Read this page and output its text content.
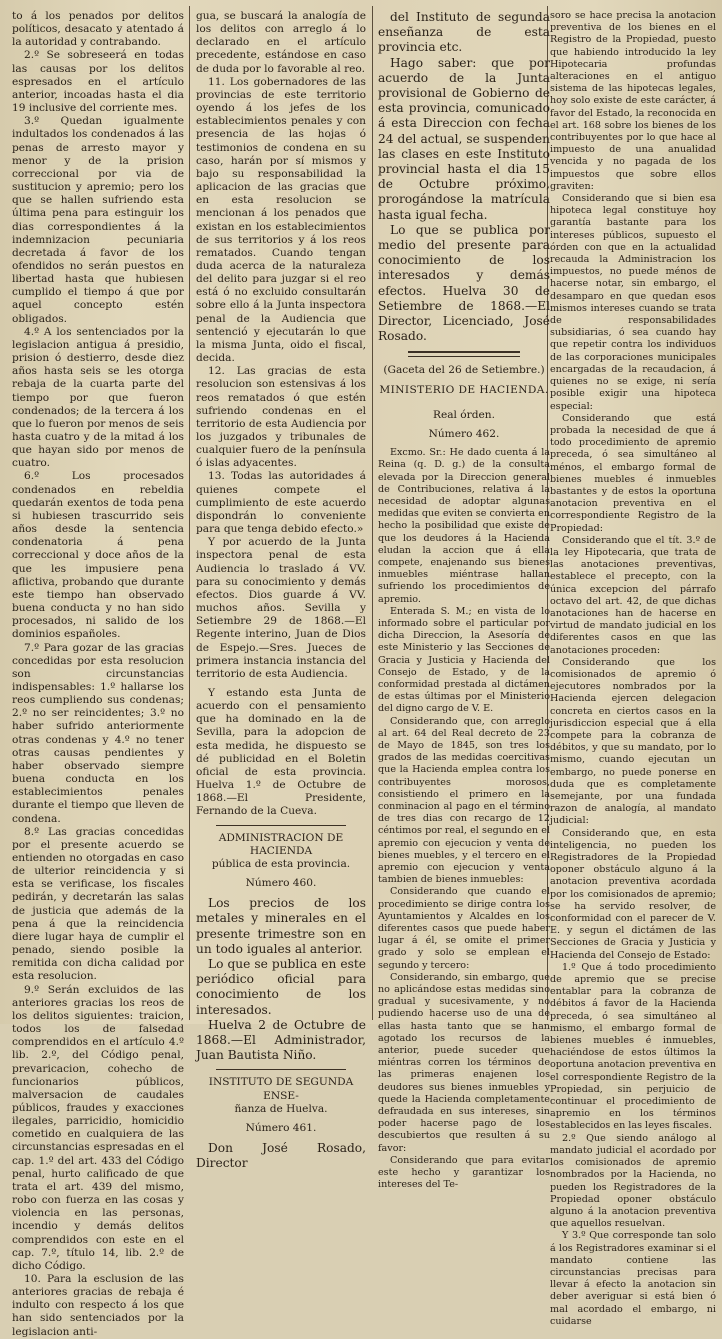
to á los penados por delitos políticos, desacato y atentado á la autoridad y contrabando.

2.º Se sobreseerá en todas las causas por los delitos espresados en el artículo anterior, incoadas hasta el dia 19 inclusive del corriente mes.

3.º Quedan igualmente indultados los condenados á las penas de arresto mayor y menor y de la prision correccional por via de sustitucion y apremio; pero los que se hallen sufriendo esta última pena para estinguir los dias correspondientes á la indemnizacion pecuniaria decretada á favor de los ofendidos no serán puestos en libertad hasta que hubiesen cumplido el tiempo á que por aquel concepto estén obligados.

4.º A los sentenciados por la legislacion antigua á presidio, prision ó destierro, desde diez años hasta seis se les otorga rebaja de la cuarta parte del tiempo por que fueron condenados; de la tercera á los que lo fueron por menos de seis hasta cuatro y de la mitad á los que hayan sido por menos de cuatro.

6.º Los procesados condenados en rebeldia quedarán exentos de toda pena si hubiesen trascurrido seis años desde la sentencia condenatoria á pena correccional y doce años de la que les impusiere pena aflictiva, probando que durante este tiempo han observado buena conducta y no han sido procesados, ni salido de los dominios españoles.

7.º Para gozar de las gracias concedidas por esta resolucion son circunstancias indispensables: 1.º hallarse los reos cumpliendo sus condenas; 2.º no ser reincidentes; 3.º no haber sufrido anteriormente otras condenas y 4.º no tener otras causas pendientes y haber observado siempre buena conducta en los establecimientos penales durante el tiempo que lleven de condena.

8.º Las gracias concedidas por el presente acuerdo se entienden no otorgadas en caso de ulterior reincidencia y si esta se verificase, los fiscales pedirán, y decretarán las salas de justicia que además de la pena á que la reincidencia diere lugar haya de cumplir el penado, siendo posible la remitida con dicha calidad por esta resolucion.

9.º Serán excluidos de las anteriores gracias los reos de los delitos siguientes: traicion, todos los de falsedad comprendidos en el artículo 4.º lib. 2.º, del Código penal, prevaricacion, cohecho de funcionarios públicos, malversacion de caudales públicos, fraudes y exacciones ilegales, parricidio, homicidio cometido en cualquiera de las circunstancias espresadas en el cap. 1.º del art. 433 del Código penal, hurto calificado de que trata el art. 439 del mismo, robo con fuerza en las cosas y violencia en las personas, incendio y demás delitos comprendidos con este en el cap. 7.º, título 14, lib. 2.º de dicho Código.

10. Para la esclusion de las anteriores gracias de rebaja é indulto con respecto á los que han sido sentenciados por la legislacion anti-

gua, se buscará la analogía de los delitos con arreglo á lo declarado en el artículo precedente, estándose en caso de duda por lo favorable al reo.

11. Los gobernadores de las provincias de este territorio oyendo á los jefes de los establecimientos penales y con presencia de las hojas ó testimonios de condena en su caso, harán por sí mismos y bajo su responsabilidad la aplicacion de las gracias que en esta resolucion se mencionan á los penados que existan en los establecimientos de sus territorios y á los reos rematados. Cuando tengan duda acerca de la naturaleza del delito para juzgar si el reo está ó no excluido consultarán sobre ello á la Junta inspectora penal de la Audiencia que sentenció y ejecutarán lo que la misma Junta, oido el fiscal, decida.

12. Las gracias de esta resolucion son estensivas á los reos rematados ó que estén sufriendo condenas en el territorio de esta Audiencia por los juzgados y tribunales de cualquier fuero de la península ó islas adyacentes.

13. Todas las autoridades á quienes compete el cumplimiento de este acuerdo dispondrán lo conveniente para que tenga debido efecto.»

Y por acuerdo de la Junta inspectora penal de esta Audiencia lo traslado á VV. para su conocimiento y demás efectos. Dios guarde á VV. muchos años. Sevilla y Setiembre 29 de 1868.—El Regente interino, Juan de Dios de Espejo.—Sres. Jueces de primera instancia instancia del territorio de esta Audiencia.

Y estando esta Junta de acuerdo con el pensamiento que ha dominado en la de Sevilla, para la adopcion de esta medida, he dispuesto se dé publicidad en el Boletin oficial de esta provincia. Huelva 1.º de Octubre de 1868.—El Presidente, Fernando de la Cueva.

ADMINISTRACION DE HACIENDA

pública de esta provincia.

Número 460.

Los precios de los metales y minerales en el presente trimestre son en un todo iguales al anterior.

Lo que se publica en este periódico oficial para conocimiento de los interesados.

Huelva 2 de Octubre de 1868.—El Administrador, Juan Bautista Niño.

INSTITUTO DE SEGUNDA ENSE-

ñanza de Huelva.

Número 461.

Don José Rosado, Director

del Instituto de segunda enseñanza de esta provincia etc.

Hago saber: que por acuerdo de la Junta provisional de Gobierno de esta provincia, comunicado á esta Direccion con fecha 24 del actual, se suspenden las clases en este Instituto provincial hasta el dia 15 de Octubre próximo, prorogándose la matrícula hasta igual fecha.

Lo que se publica por medio del presente para conocimiento de los interesados y demás efectos. Huelva 30 de Setiembre de 1868.—El Director, Licenciado, José Rosado.

(Gaceta del 26 de Setiembre.)

MINISTERIO DE HACIENDA.

Real órden.

Número 462.

Excmo. Sr.: He dado cuenta á la Reina (q. D. g.) de la consulta elevada por la Direccion general de Contribuciones, relativa á la necesidad de adoptar algunas medidas que eviten se convierta en hecho la posibilidad que existe de que los deudores á la Hacienda eludan la accion que á ella compete, enajenando sus bienes inmuebles miéntrase hallan sufriendo los procedimientos de apremio.

Enterada S. M.; en vista de lo informado sobre el particular por dicha Direccion, la Asesoría de este Ministerio y las Secciones de Gracia y Justicia y Hacienda del Consejo de Estado, y de la conformidad prestada al dictámen de estas últimas por el Ministerio del digno cargo de V. E.

Considerando que, con arreglo al art. 64 del Real decreto de 23 de Mayo de 1845, son tres los grados de las medidas coercitivas que la Hacienda emplea contra los contribuyentes morosos, consistiendo el primero en la conminacion al pago en el término de tres dias con recargo de 12 céntimos por real, el segundo en el apremio con ejecucion y venta de bienes muebles, y el tercero en el apremio con ejecucion y venta tambien de bienes inmuebles:

Considerando que cuando el procedimiento se dirige contra los Ayuntamientos y Alcaldes en los diferentes casos que puede haber lugar á él, se omite el primer grado y solo se emplean el segundo y tercero:

Considerando, sin embargo, que no aplicándose estas medidas sino gradual y sucesivamente, y no pudiendo hacerse uso de una de ellas hasta tanto que se han agotado los recursos de la anterior, puede suceder que miéntras corren los términos de las primeras enajenen los deudores sus bienes inmuebles y quede la Hacienda completamente defraudada en sus intereses, sin poder hacerse pago de los descubiertos que resulten á su favor:

Considerando que para evitar este hecho y garantizar los intereses del Te-

soro se hace precisa la anotacion preventiva de los bienes en el Registro de la Propiedad, puesto que habiendo introducido la ley Hipotecaria profundas alteraciones en el antiguo sistema de las hipotecas legales, hoy solo existe de este carácter, á favor del Estado, la reconocida en el art. 168 sobre los bienes de los contribuyentes por lo que hace al impuesto de una anualidad vencida y no pagada de los impuestos que sobre ellos graviten:

Considerando que si bien esa hipoteca legal constituye hoy garantía bastante para los intereses públicos, supuesto el órden con que en la actualidad recauda la Administracion los impuestos, no puede ménos de hacerse notar, sin embargo, el desamparo en que quedan esos mismos intereses cuando se trata de responsabilidades subsidiarias, ó sea cuando hay que repetir contra los individuos de las corporaciones municipales encargadas de la recaudacion, á quienes no se exige, ni sería posible exigir una hipoteca especial:

Considerando que está probada la necesidad de que á todo procedimiento de apremio preceda, ó sea simultáneo al ménos, el embargo formal de bienes muebles é inmuebles bastantes y de estos la oportuna anotacion preventiva en el correspondiente Registro de la Propiedad:

Considerando que el tít. 3.º de la ley Hipotecaria, que trata de las anotaciones preventivas, establece el precepto, con la única excepcion del párrafo octavo del art. 42, de que dichas anotaciones han de hacerse en virtud de mandato judicial en los diferentes casos en que las anotaciones proceden:

Considerando que los comisionados de apremio ó ejecutores nombrados por la Hacienda ejercen delegacion concreta en ciertos casos en la jurisdiccion especial que á ella compete para la cobranza de débitos, y que su mandato, por lo mismo, cuando ejecutan un embargo, no puede ponerse en duda que es completamente semejante, por una fundada razon de analogía, al mandato judicial:

Considerando que, en esta inteligencia, no pueden los Registradores de la Propiedad oponer obstáculo alguno á la anotacion preventiva acordada por los comisionados de apremio; se ha servido resolver, de conformidad con el parecer de V. E. y segun el dictámen de las Secciones de Gracia y Justicia y Hacienda del Consejo de Estado:

1.º Que á todo procedimiento de apremio que se precise entablar para la cobranza de débitos á favor de la Hacienda preceda, ó sea simultáneo al mismo, el embargo formal de bienes muebles é inmuebles, haciéndose de estos últimos la oportuna anotacion preventiva en el correspondiente Registro de la Propiedad, sin perjuicio de continuar el procedimiento de apremio en los términos establecidos en las leyes fiscales.

2.º Que siendo análogo al mandato judicial el acordado por los comisionados de apremio nombrados por la Hacienda, no pueden los Registradores de la Propiedad oponer obstáculo alguno á la anotacion preventiva que aquellos resuelvan.

Y 3.º Que corresponde tan solo á los Registradores examinar si el mandato contiene las circunstancias precisas para llevar á efecto la anotacion sin deber averiguar si está bien ó mal acordado el embargo, ni cuidarse
